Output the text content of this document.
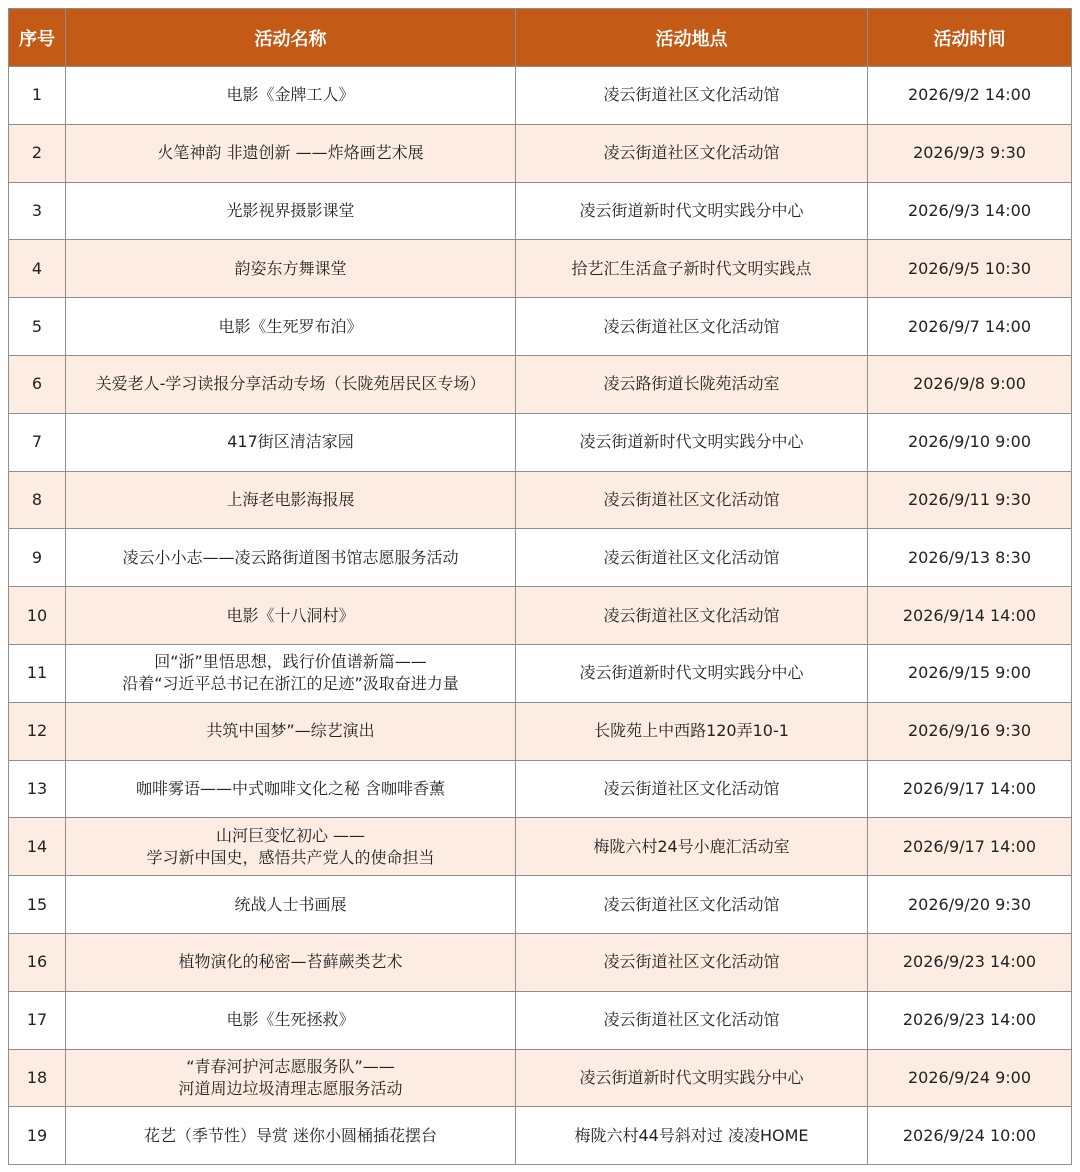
序号	活动名称	活动地点	活动时间
1	电影《金牌工人》	凌云街道社区文化活动馆	2026/9/2 14:00
2	火笔神韵 非遗创新 ——炸烙画艺术展	凌云街道社区文化活动馆	2026/9/3 9:30
3	光影视界摄影课堂	凌云街道新时代文明实践分中心	2026/9/3 14:00
4	韵姿东方舞课堂	拾艺汇生活盒子新时代文明实践点	2026/9/5 10:30
5	电影《生死罗布泊》	凌云街道社区文化活动馆	2026/9/7 14:00
6	关爱老人-学习读报分享活动专场（长陇苑居民区专场）	凌云路街道长陇苑活动室	2026/9/8 9:00
7	417街区清洁家园	凌云街道新时代文明实践分中心	2026/9/10 9:00
8	上海老电影海报展	凌云街道社区文化活动馆	2026/9/11 9:30
9	凌云小小志——凌云路街道图书馆志愿服务活动	凌云街道社区文化活动馆	2026/9/13 8:30
10	电影《十八洞村》	凌云街道社区文化活动馆	2026/9/14 14:00
11	回“浙”里悟思想，践行价值谱新篇——
沿着“习近平总书记在浙江的足迹”汲取奋进力量	凌云街道新时代文明实践分中心	2026/9/15 9:00
12	共筑中国梦”—综艺演出	长陇苑上中西路120弄10-1	2026/9/16 9:30
13	咖啡雾语——中式咖啡文化之秘 含咖啡香薰	凌云街道社区文化活动馆	2026/9/17 14:00
14	山河巨变忆初心 ——
学习新中国史，感悟共产党人的使命担当	梅陇六村24号小鹿汇活动室	2026/9/17 14:00
15	统战人士书画展	凌云街道社区文化活动馆	2026/9/20 9:30
16	植物演化的秘密—苔藓蕨类艺术	凌云街道社区文化活动馆	2026/9/23 14:00
17	电影《生死拯救》	凌云街道社区文化活动馆	2026/9/23 14:00
18	“青春河护河志愿服务队”——
河道周边垃圾清理志愿服务活动	凌云街道新时代文明实践分中心	2026/9/24 9:00
19	花艺（季节性）导赏 迷你小圆桶插花摆台	梅陇六村44号斜对过 凌凌HOME	2026/9/24 10:00
